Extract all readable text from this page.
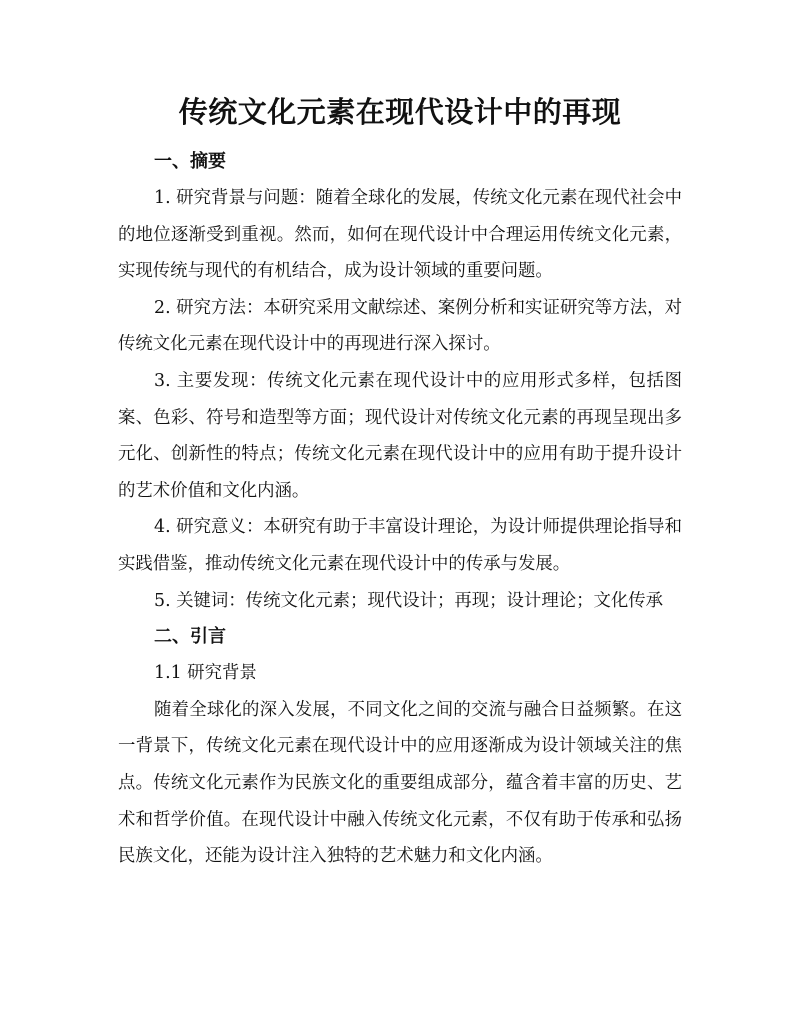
传统文化元素在现代设计中的再现
一、摘要

1. 研究背景与问题：随着全球化的发展，传统文化元素在现代社会中的地位逐渐受到重视。然而，如何在现代设计中合理运用传统文化元素，实现传统与现代的有机结合，成为设计领域的重要问题。

2. 研究方法：本研究采用文献综述、案例分析和实证研究等方法，对传统文化元素在现代设计中的再现进行深入探讨。

3. 主要发现：传统文化元素在现代设计中的应用形式多样，包括图案、色彩、符号和造型等方面；现代设计对传统文化元素的再现呈现出多元化、创新性的特点；传统文化元素在现代设计中的应用有助于提升设计的艺术价值和文化内涵。

4. 研究意义：本研究有助于丰富设计理论，为设计师提供理论指导和实践借鉴，推动传统文化元素在现代设计中的传承与发展。

5. 关键词：传统文化元素；现代设计；再现；设计理论；文化传承

二、引言

1.1 研究背景

随着全球化的深入发展，不同文化之间的交流与融合日益频繁。在这一背景下，传统文化元素在现代设计中的应用逐渐成为设计领域关注的焦点。传统文化元素作为民族文化的重要组成部分，蕴含着丰富的历史、艺术和哲学价值。在现代设计中融入传统文化元素，不仅有助于传承和弘扬民族文化，还能为设计注入独特的艺术魅力和文化内涵。
